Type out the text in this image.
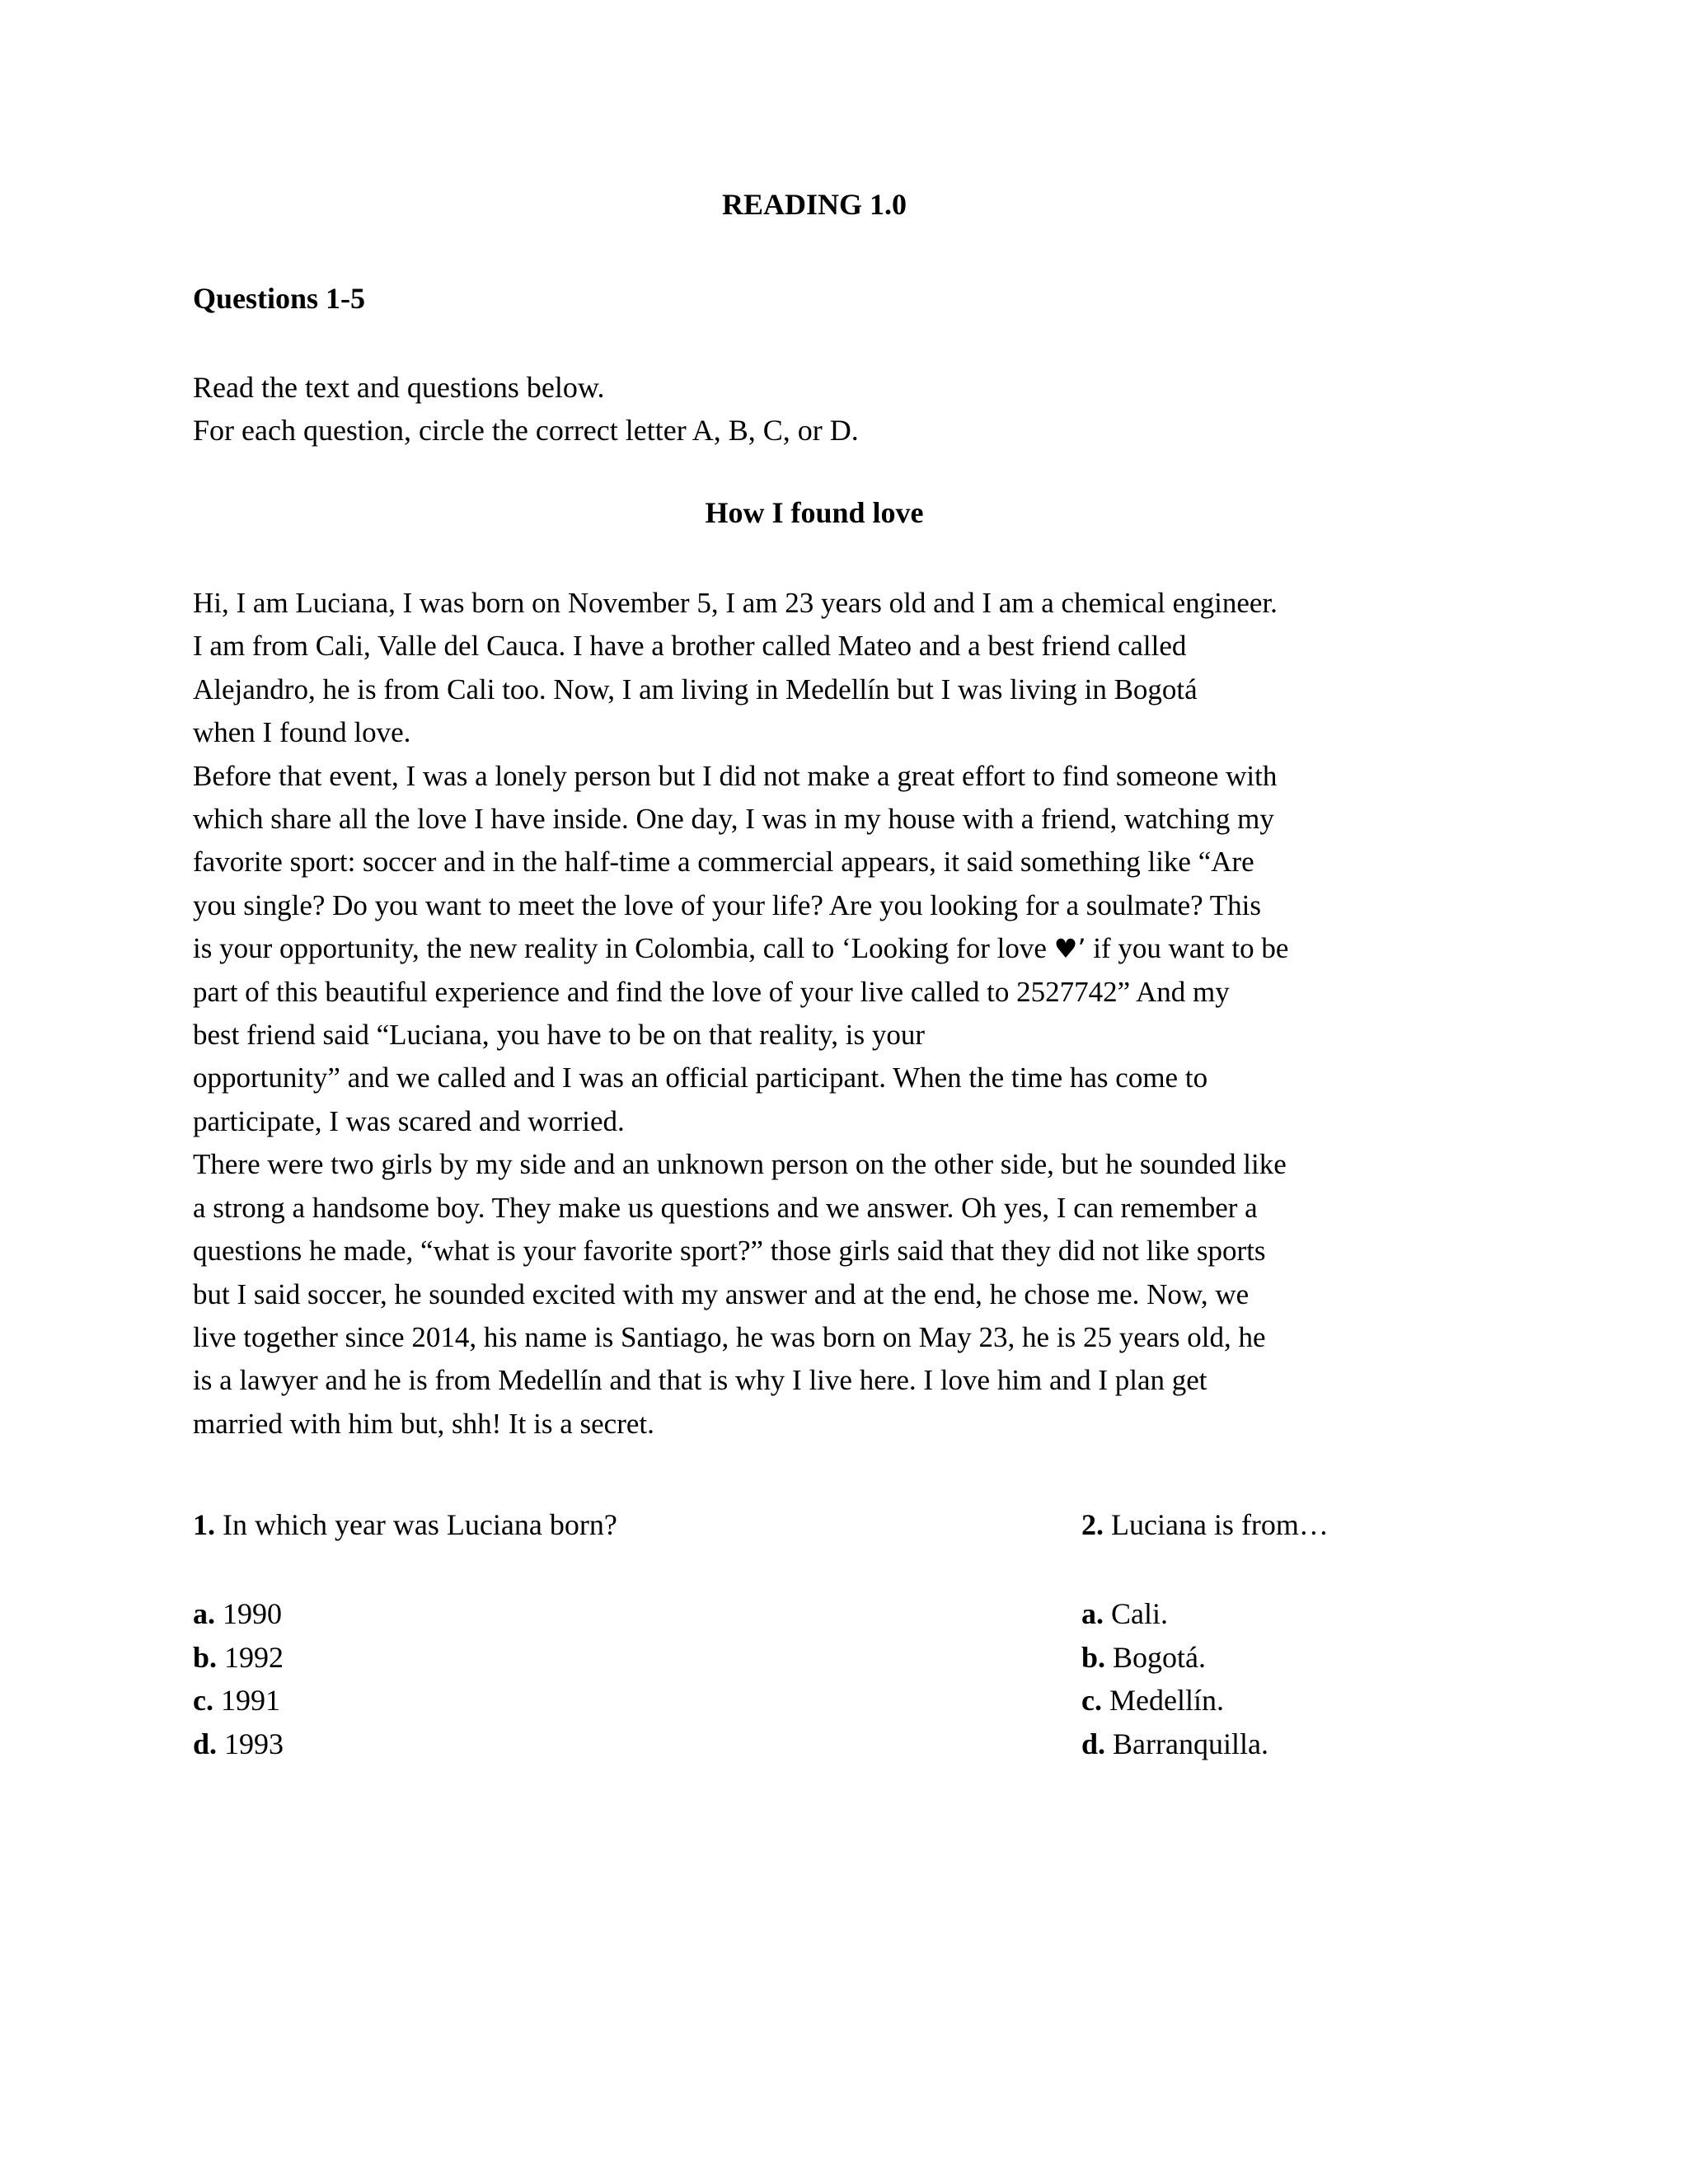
READING 1.0
Questions 1-5
Read the text and questions below.
For each question, circle the correct letter A, B, C, or D.
How I found love
Hi, I am Luciana, I was born on November 5, I am 23 years old and I am a chemical engineer.
I am from Cali, Valle del Cauca. I have a brother called Mateo and a best friend called
Alejandro, he is from Cali too. Now, I am living in Medellín but I was living in Bogotá
when I found love.
Before that event, I was a lonely person but I did not make a great effort to find someone with
which share all the love I have inside. One day, I was in my house with a friend, watching my
favorite sport: soccer and in the half-time a commercial appears, it said something like “Are
you single? Do you want to meet the love of your life? Are you looking for a soulmate? This
is your opportunity, the new reality in Colombia, call to ‘Looking for love ♥’ if you want to be
part of this beautiful experience and find the love of your live called to 2527742” And my
best friend said “Luciana, you have to be on that reality, is your
opportunity” and we called and I was an official participant. When the time has come to
participate, I was scared and worried.
There were two girls by my side and an unknown person on the other side, but he sounded like
a strong a handsome boy. They make us questions and we answer. Oh yes, I can remember a
questions he made, “what is your favorite sport?” those girls said that they did not like sports
but I said soccer, he sounded excited with my answer and at the end, he chose me. Now, we
live together since 2014, his name is Santiago, he was born on May 23, he is 25 years old, he
is a lawyer and he is from Medellín and that is why I live here. I love him and I plan get
married with him but, shh! It is a secret.
1. In which year was Luciana born?	2. Luciana is from…
a. 1990
b. 1992
c. 1991
d. 1993
a. Cali.
b. Bogotá.
c. Medellín.
d. Barranquilla.
